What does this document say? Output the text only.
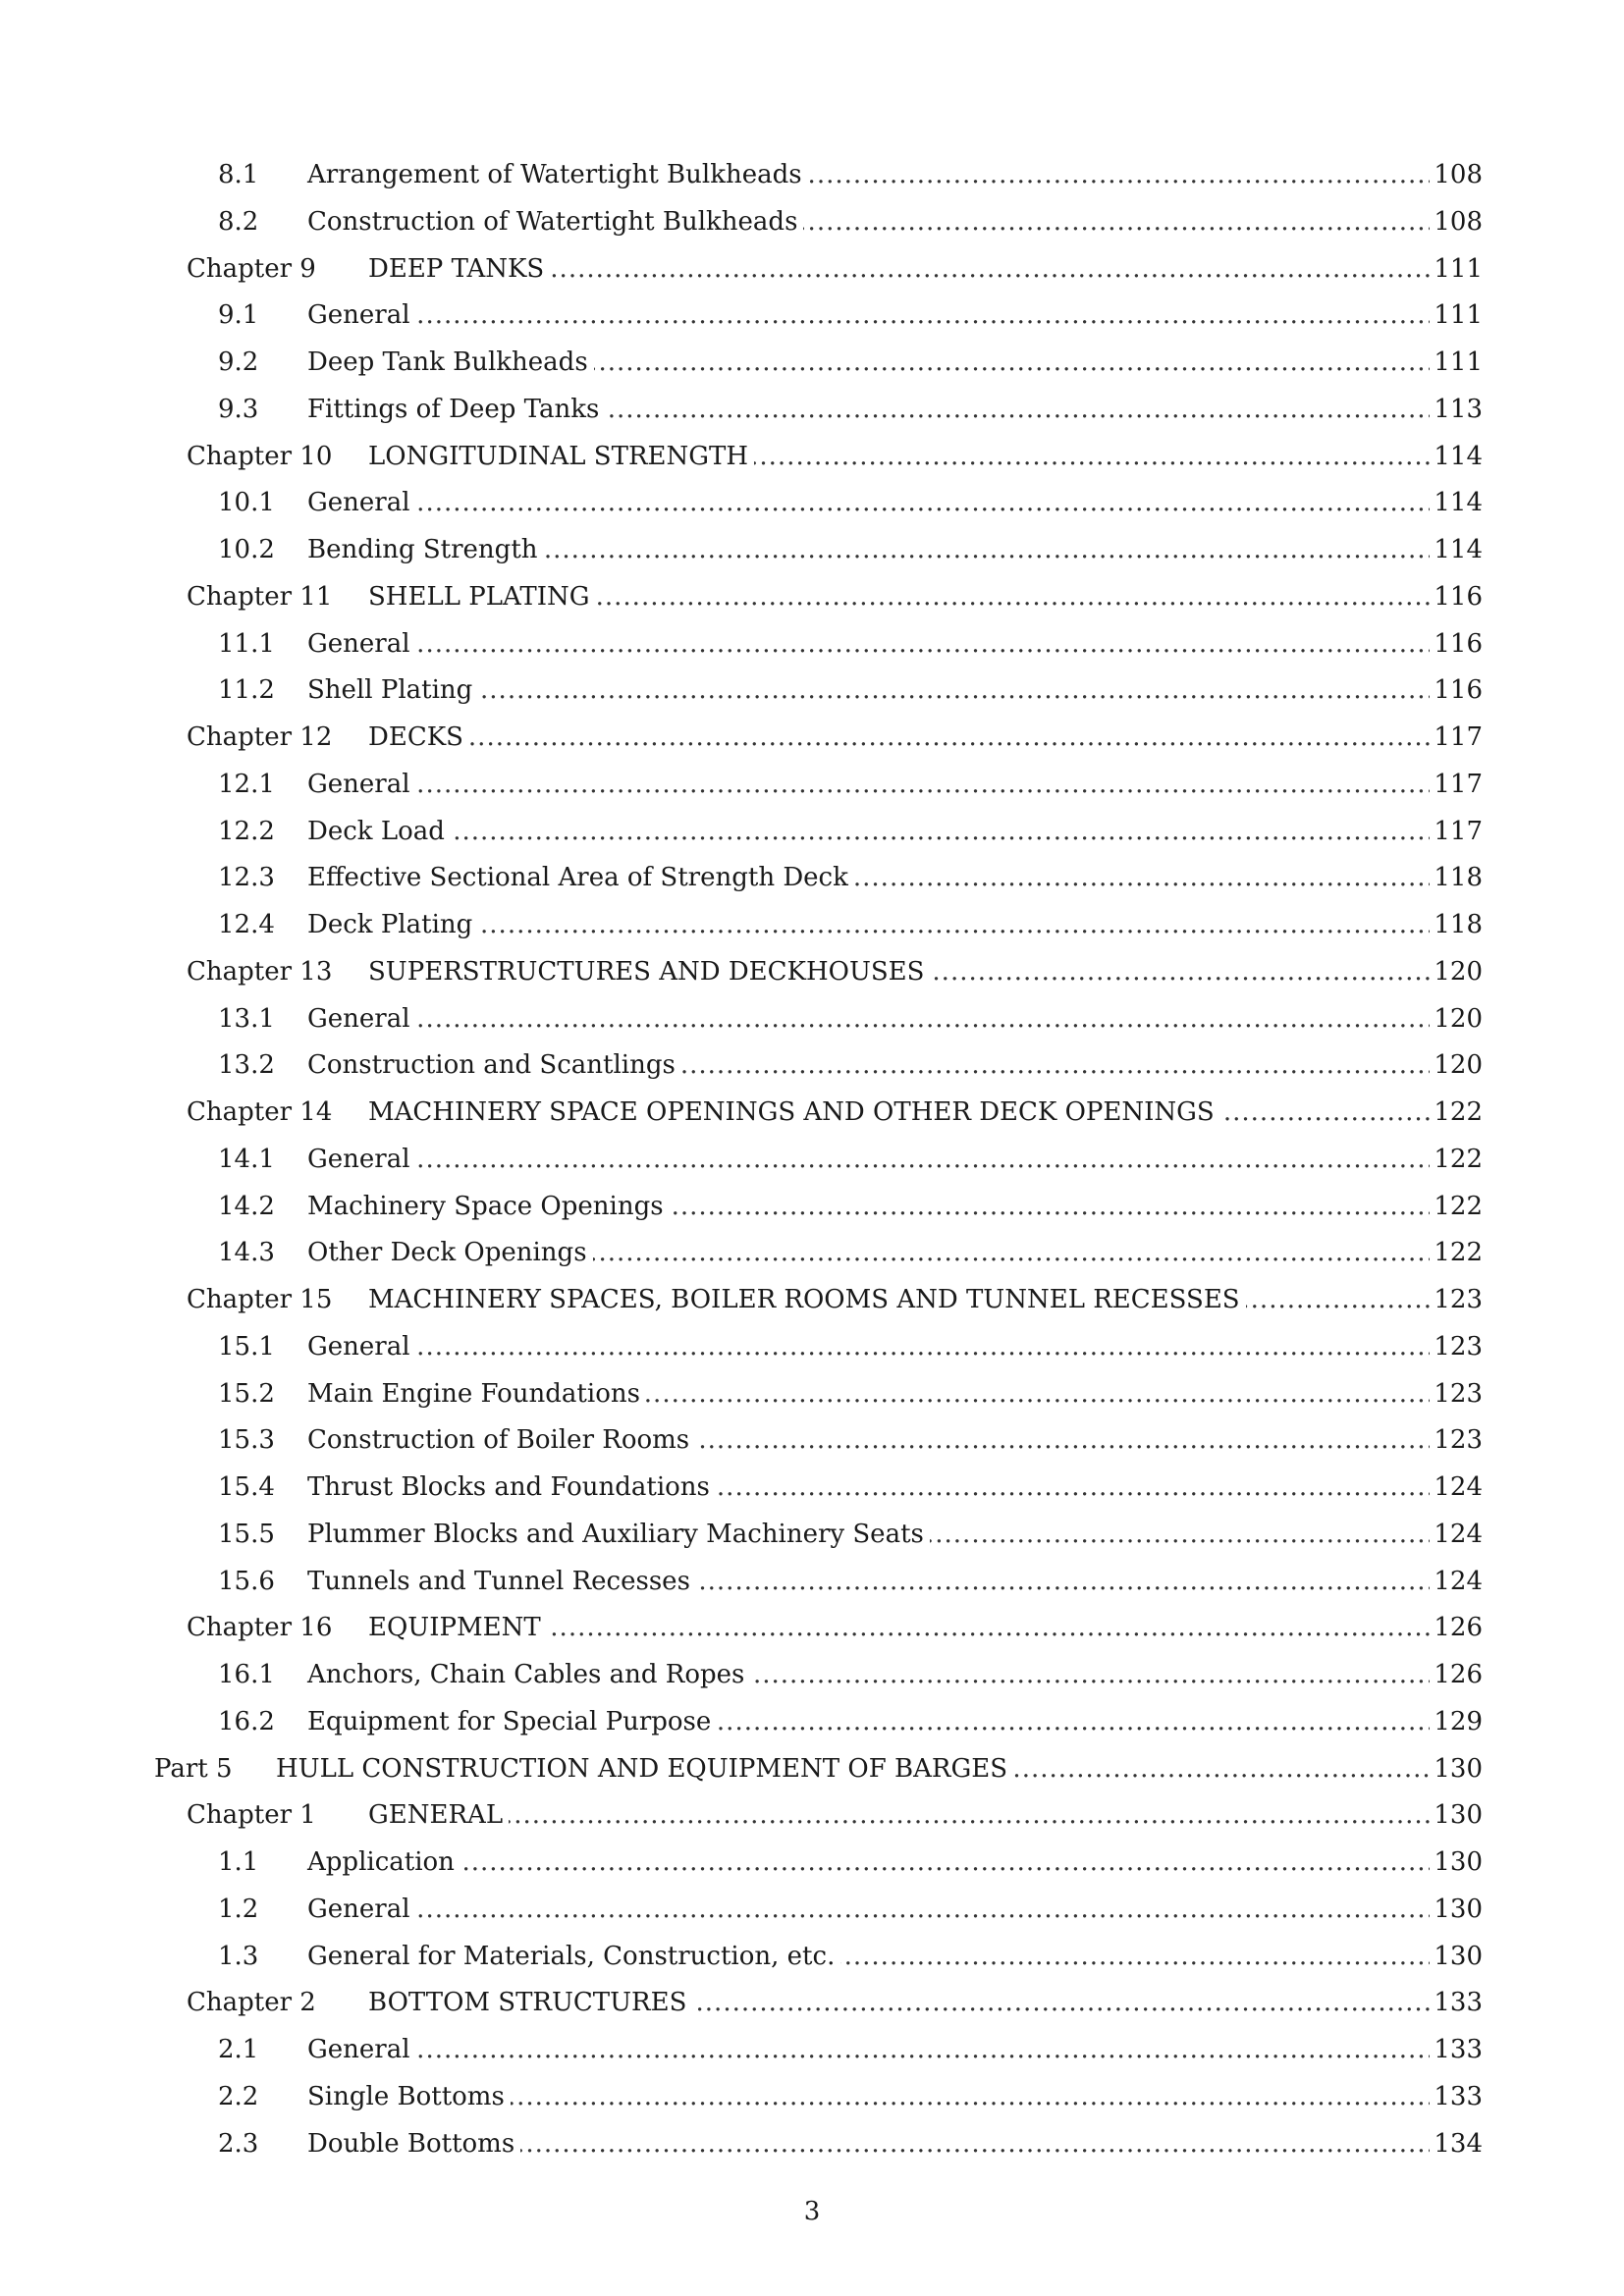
8.1 ..... Arrangement of Watertight Bulkheads	108
8.2 ..... Construction of Watertight Bulkheads	108
Chapter 9 ..... DEEP TANKS	111
9.1 ..... General	111
9.2 ..... Deep Tank Bulkheads	111
9.3 ..... Fittings of Deep Tanks	113
Chapter 10 ..... LONGITUDINAL STRENGTH	114
10.1 ..... General	114
10.2 ..... Bending Strength	114
Chapter 11 ..... SHELL PLATING	116
11.1 ..... General	116
11.2 ..... Shell Plating	116
Chapter 12 ..... DECKS	117
12.1 ..... General	117
12.2 ..... Deck Load	117
12.3 ..... Effective Sectional Area of Strength Deck	118
12.4 ..... Deck Plating	118
Chapter 13 ..... SUPERSTRUCTURES AND DECKHOUSES	120
13.1 ..... General	120
13.2 ..... Construction and Scantlings	120
Chapter 14 ..... MACHINERY SPACE OPENINGS AND OTHER DECK OPENINGS	122
14.1 ..... General	122
14.2 ..... Machinery Space Openings	122
14.3 ..... Other Deck Openings	122
Chapter 15 ..... MACHINERY SPACES, BOILER ROOMS AND TUNNEL RECESSES	123
15.1 ..... General	123
15.2 ..... Main Engine Foundations	123
15.3 ..... Construction of Boiler Rooms	123
15.4 ..... Thrust Blocks and Foundations	124
15.5 ..... Plummer Blocks and Auxiliary Machinery Seats	124
15.6 ..... Tunnels and Tunnel Recesses	124
Chapter 16 ..... EQUIPMENT	126
16.1 ..... Anchors, Chain Cables and Ropes	126
16.2 ..... Equipment for Special Purpose	129
Part 5 ..... HULL CONSTRUCTION AND EQUIPMENT OF BARGES	130
Chapter 1 ..... GENERAL	130
1.1 ..... Application	130
1.2 ..... General	130
1.3 ..... General for Materials, Construction, etc.	130
Chapter 2 ..... BOTTOM STRUCTURES	133
2.1 ..... General	133
2.2 ..... Single Bottoms	133
2.3 ..... Double Bottoms	134
3
